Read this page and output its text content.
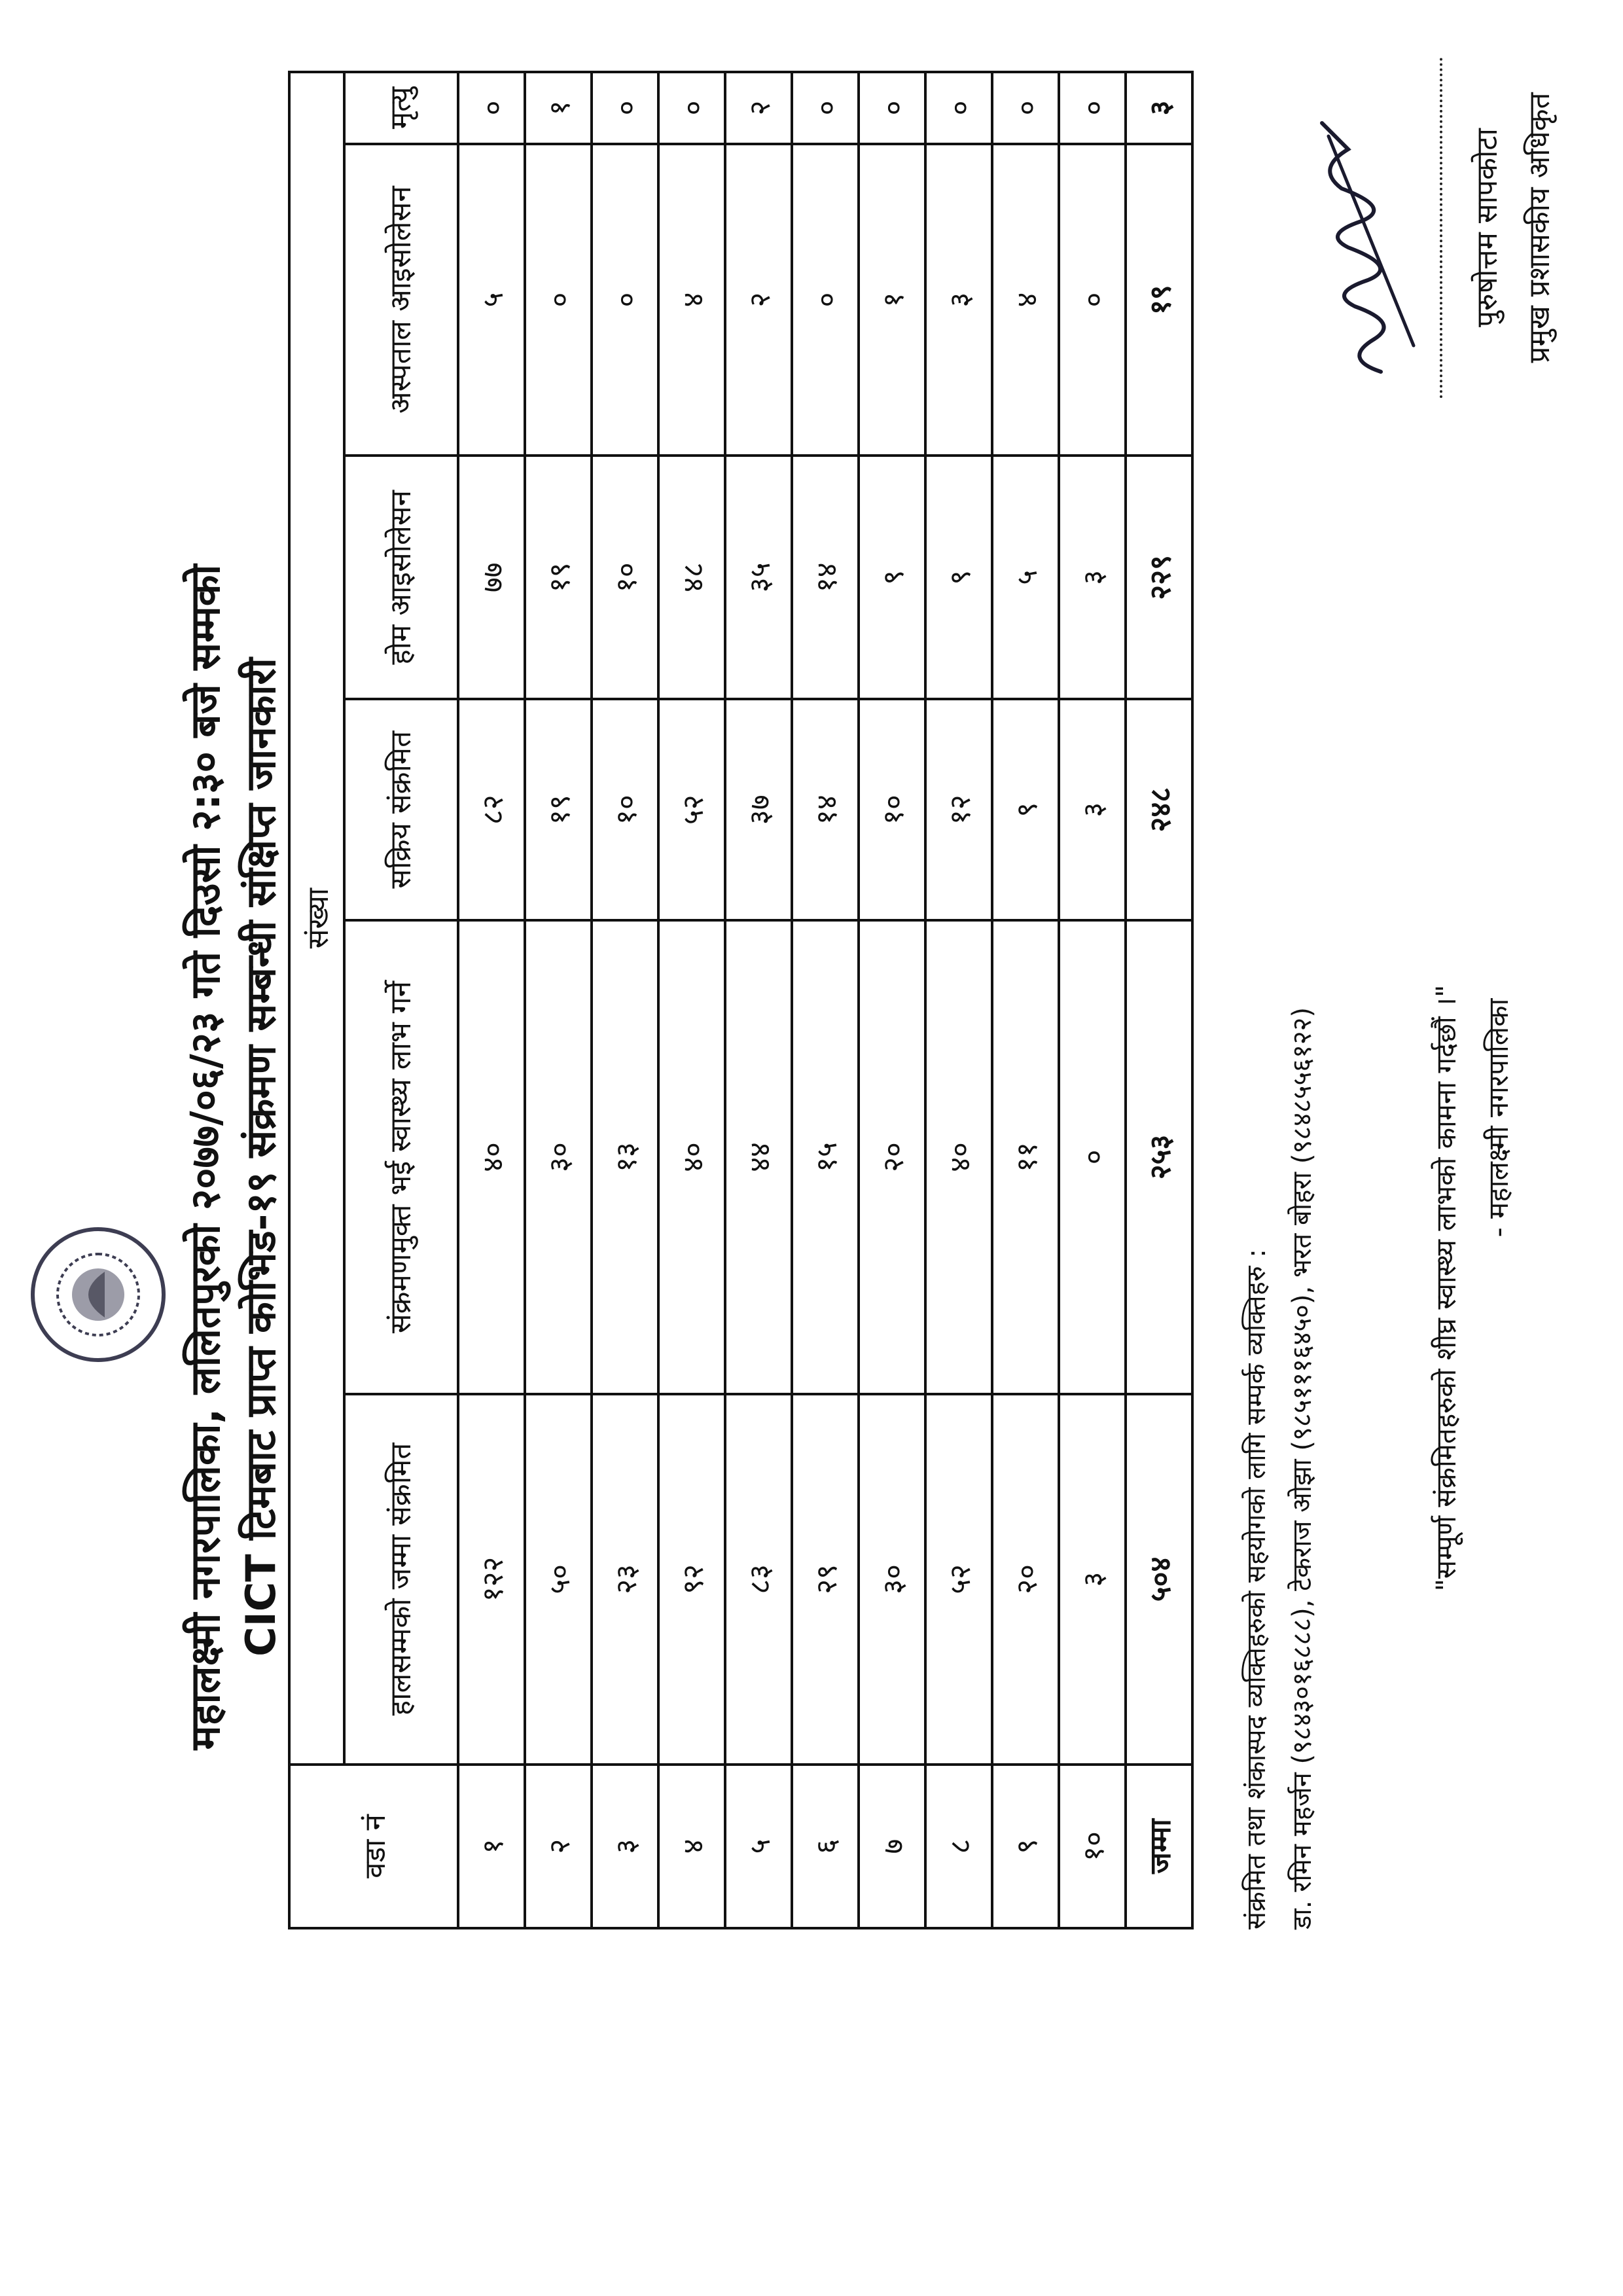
महालक्ष्मी नगरपालिका, ललितपुरको २०७७/०६/२३ गते दिउसो २:३० बजे सम्मको CICT टिमबाट प्राप्त कोभिड-१९ संक्रमण सम्बन्धी संक्षिप्त जानकारी
वडा नं	संख्या					
	हालसम्मको जम्मा संक्रमित	संक्रमणमुक्त भई स्वास्थ्य लाभ गर्ने	सक्रिय संक्रमित	होम आइसोलेसन	अस्पताल आइसोलेसन	मृत्यु
१	१२२	४०	८२	७७	५	०
२	५०	३०	१९	१९	०	१
३	२३	१३	१०	१०	०	०
४	९२	४०	५२	४८	४	०
५	८३	४४	३७	३५	२	२
६	२९	१५	१४	१४	०	०
७	३०	२०	१०	९	१	०
८	५२	४०	१२	९	३	०
९	२०	११	९	५	४	०
१०	३	०	३	३	०	०
जम्मा	५०४	२५३	२४८	२२९	१९	३
संक्रमित तथा शंकास्पद व्यक्तिहरुको सहयोगको लागि सम्पर्क व्यक्तिहरु : डा. रमिन महर्जन (९८४३०१६८८८), टेकराज ओझा (९८५१११६४५०), भरत बोहरा (९८४८५५६१२२)	"सम्पूर्ण संक्रमितहरुको शीघ्र स्वास्थ्य लाभको कामना गर्दछौं ।" - महालक्ष्मी नगरपालिका
पुरुषोत्तम सापकोटा प्रमुख प्रशासकीय अधिकृत
